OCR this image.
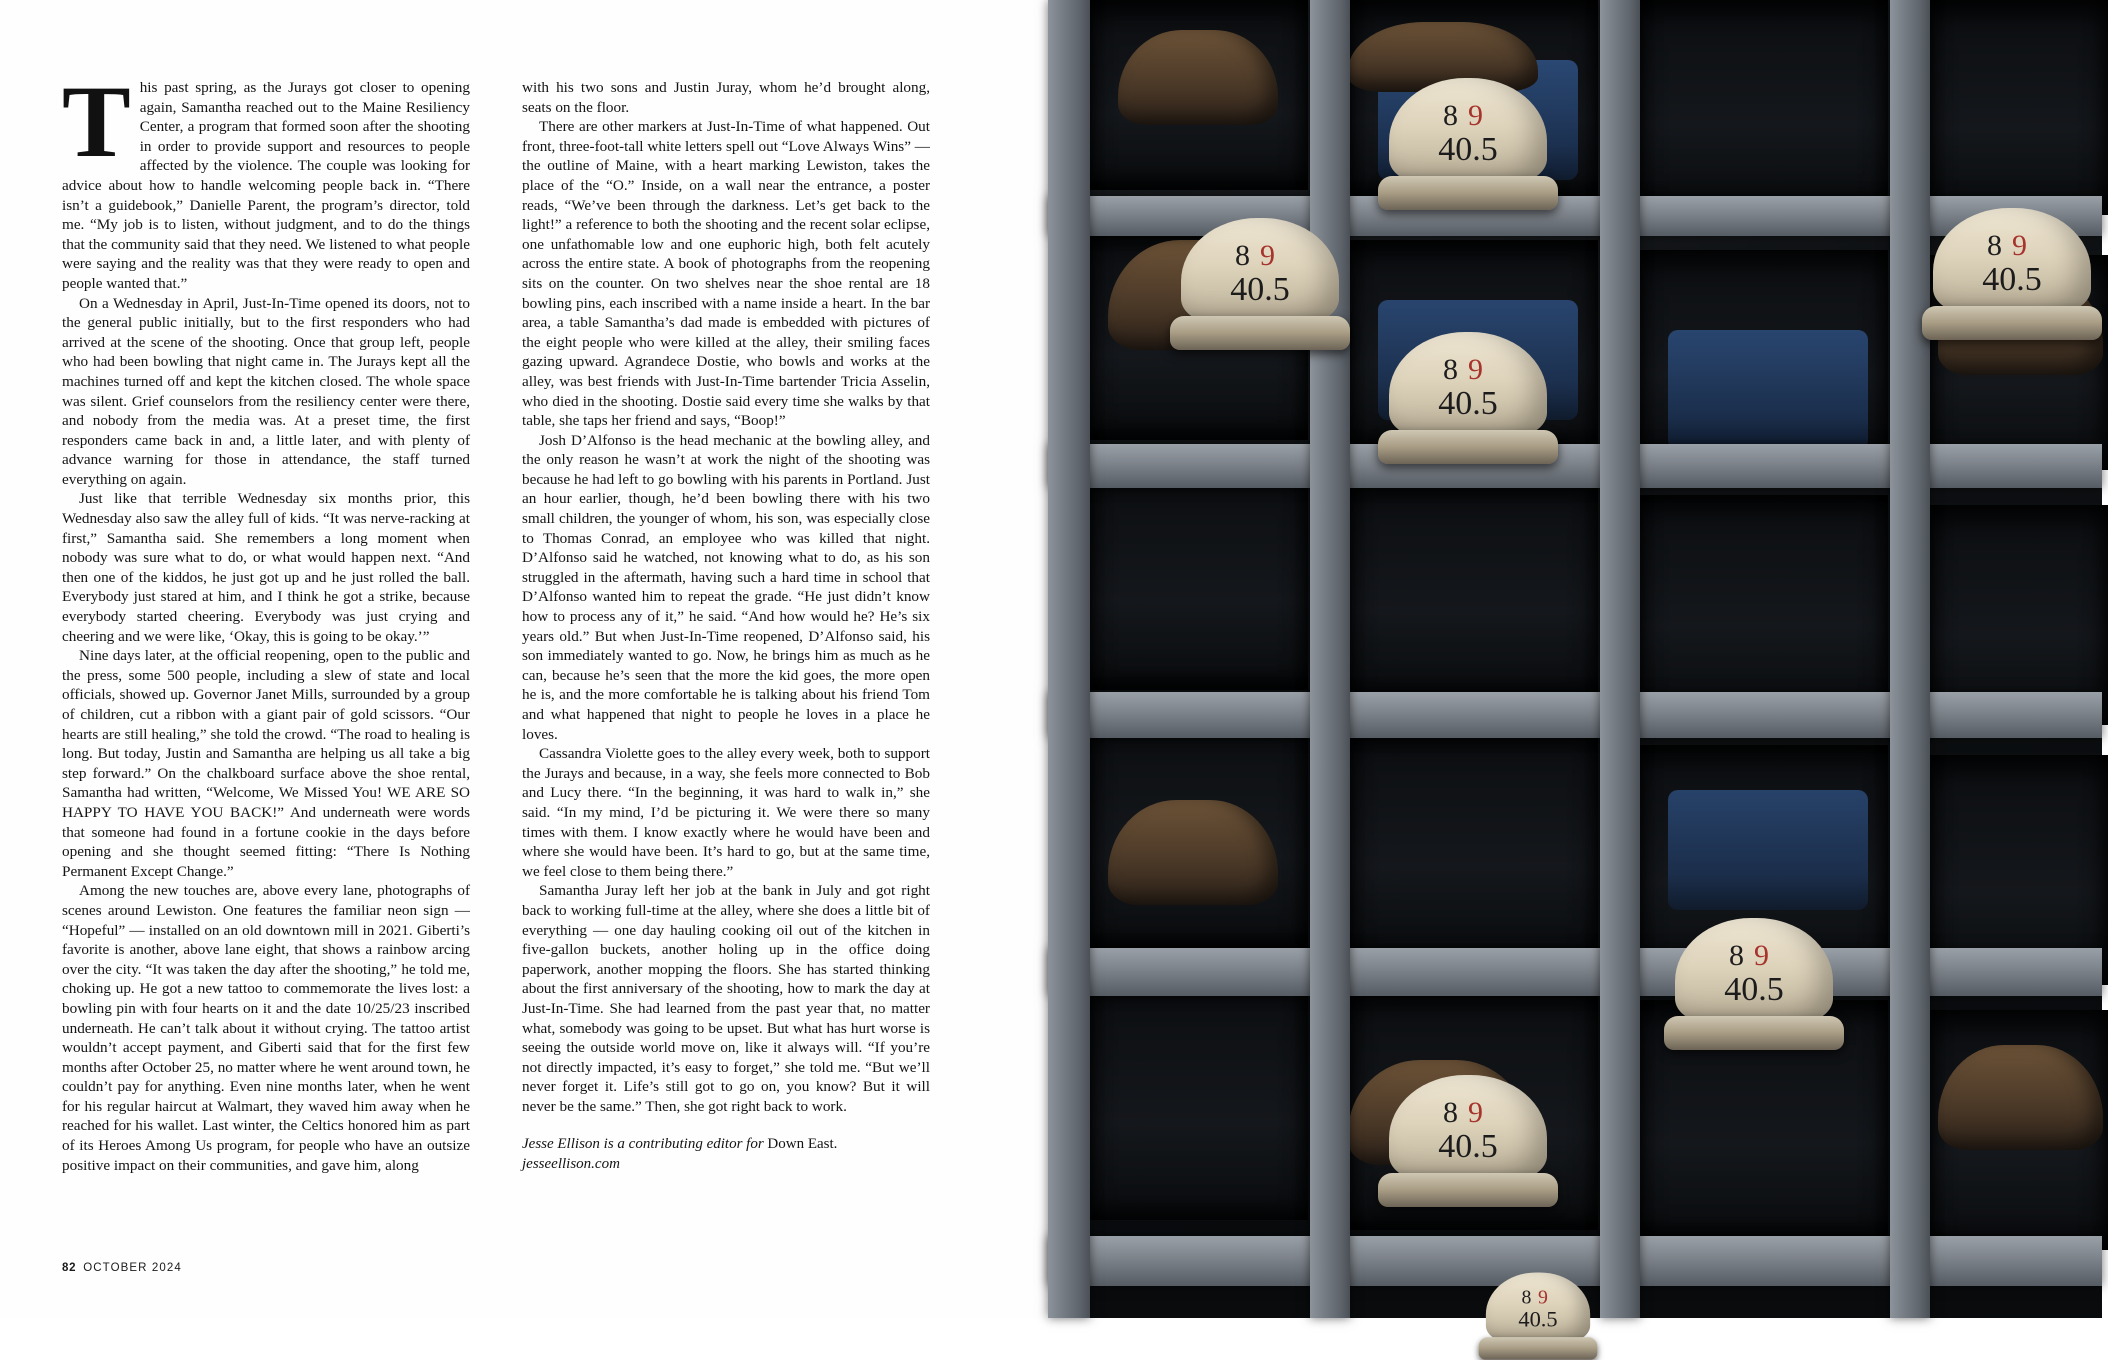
This past spring, as the Jurays got closer to opening again, Samantha reached out to the Maine Resiliency Center, a program that formed soon after the shooting in order to provide support and resources to people affected by the violence. The couple was looking for advice about how to handle welcoming people back in. “There isn’t a guidebook,” Danielle Parent, the program’s director, told me. “My job is to listen, without judgment, and to do the things that the community said that they need. We listened to what people were saying and the reality was that they were ready to open and people wanted that.”

On a Wednesday in April, Just-In-Time opened its doors, not to the general public initially, but to the first responders who had arrived at the scene of the shooting. Once that group left, people who had been bowling that night came in. The Jurays kept all the machines turned off and kept the kitchen closed. The whole space was silent. Grief counselors from the resiliency center were there, and nobody from the media was. At a preset time, the first responders came back in and, a little later, and with plenty of advance warning for those in attendance, the staff turned everything on again.

Just like that terrible Wednesday six months prior, this Wednesday also saw the alley full of kids. “It was nerve-racking at first,” Samantha said. She remembers a long moment when nobody was sure what to do, or what would happen next. “And then one of the kiddos, he just got up and he just rolled the ball. Everybody just stared at him, and I think he got a strike, because everybody started cheering. Everybody was just crying and cheering and we were like, ‘Okay, this is going to be okay.’”

Nine days later, at the official reopening, open to the public and the press, some 500 people, including a slew of state and local officials, showed up. Governor Janet Mills, surrounded by a group of children, cut a ribbon with a giant pair of gold scissors. “Our hearts are still healing,” she told the crowd. “The road to healing is long. But today, Justin and Samantha are helping us all take a big step forward.” On the chalkboard surface above the shoe rental, Samantha had written, “Welcome, We Missed You! WE ARE SO HAPPY TO HAVE YOU BACK!” And underneath were words that someone had found in a fortune cookie in the days before opening and she thought seemed fitting: “There Is Nothing Permanent Except Change.”

Among the new touches are, above every lane, photographs of scenes around Lewiston. One features the familiar neon sign — “Hopeful” — installed on an old downtown mill in 2021. Giberti’s favorite is another, above lane eight, that shows a rainbow arcing over the city. “It was taken the day after the shooting,” he told me, choking up. He got a new tattoo to commemorate the lives lost: a bowling pin with four hearts on it and the date 10/25/23 inscribed underneath. He can’t talk about it without crying. The tattoo artist wouldn’t accept payment, and Giberti said that for the first few months after October 25, no matter where he went around town, he couldn’t pay for anything. Even nine months later, when he went for his regular haircut at Walmart, they waved him away when he reached for his wallet. Last winter, the Celtics honored him as part of its Heroes Among Us program, for people who have an outsize positive impact on their communities, and gave him, along

with his two sons and Justin Juray, whom he’d brought along, seats on the floor.

There are other markers at Just-In-Time of what happened. Out front, three-foot-tall white letters spell out “Love Always Wins” — the outline of Maine, with a heart marking Lewiston, takes the place of the “O.” Inside, on a wall near the entrance, a poster reads, “We’ve been through the darkness. Let’s get back to the light!” a reference to both the shooting and the recent solar eclipse, one unfathomable low and one euphoric high, both felt acutely across the entire state. A book of photographs from the reopening sits on the counter. On two shelves near the shoe rental are 18 bowling pins, each inscribed with a name inside a heart. In the bar area, a table Samantha’s dad made is embedded with pictures of the eight people who were killed at the alley, their smiling faces gazing upward. Agrandece Dostie, who bowls and works at the alley, was best friends with Just-In-Time bartender Tricia Asselin, who died in the shooting. Dostie said every time she walks by that table, she taps her friend and says, “Boop!”

Josh D’Alfonso is the head mechanic at the bowling alley, and the only reason he wasn’t at work the night of the shooting was because he had left to go bowling with his parents in Portland. Just an hour earlier, though, he’d been bowling there with his two small children, the younger of whom, his son, was especially close to Thomas Conrad, an employee who was killed that night. D’Alfonso said he watched, not knowing what to do, as his son struggled in the aftermath, having such a hard time in school that D’Alfonso wanted him to repeat the grade. “He just didn’t know how to process any of it,” he said. “And how would he? He’s six years old.” But when Just-In-Time reopened, D’Alfonso said, his son immediately wanted to go. Now, he brings him as much as he can, because he’s seen that the more the kid goes, the more open he is, and the more comfortable he is talking about his friend Tom and what happened that night to people he loves in a place he loves.

Cassandra Violette goes to the alley every week, both to support the Jurays and because, in a way, she feels more connected to Bob and Lucy there. “In the beginning, it was hard to walk in,” she said. “In my mind, I’d be picturing it. We were there so many times with them. I know exactly where he would have been and where she would have been. It’s hard to go, but at the same time, we feel close to them being there.”

Samantha Juray left her job at the bank in July and got right back to working full-time at the alley, where she does a little bit of everything — one day hauling cooking oil out of the kitchen in five-gallon buckets, another holing up in the office doing paperwork, another mopping the floors. She has started thinking about the first anniversary of the shooting, how to mark the day at Just-In-Time. She had learned from the past year that, no matter what, somebody was going to be upset. But what has hurt worse is seeing the outside world move on, like it always will. “If you’re not directly impacted, it’s easy to forget,” she told me. “But we’ll never forget it. Life’s still got to go on, you know? But it will never be the same.” Then, she got right back to work.

Jesse Ellison is a contributing editor for Down East.
jesseellison.com
82 OCTOBER 2024
89
40.5
89
40.5
89
40.5
89
40.5
89
40.5
89
40.5
89
40.5
